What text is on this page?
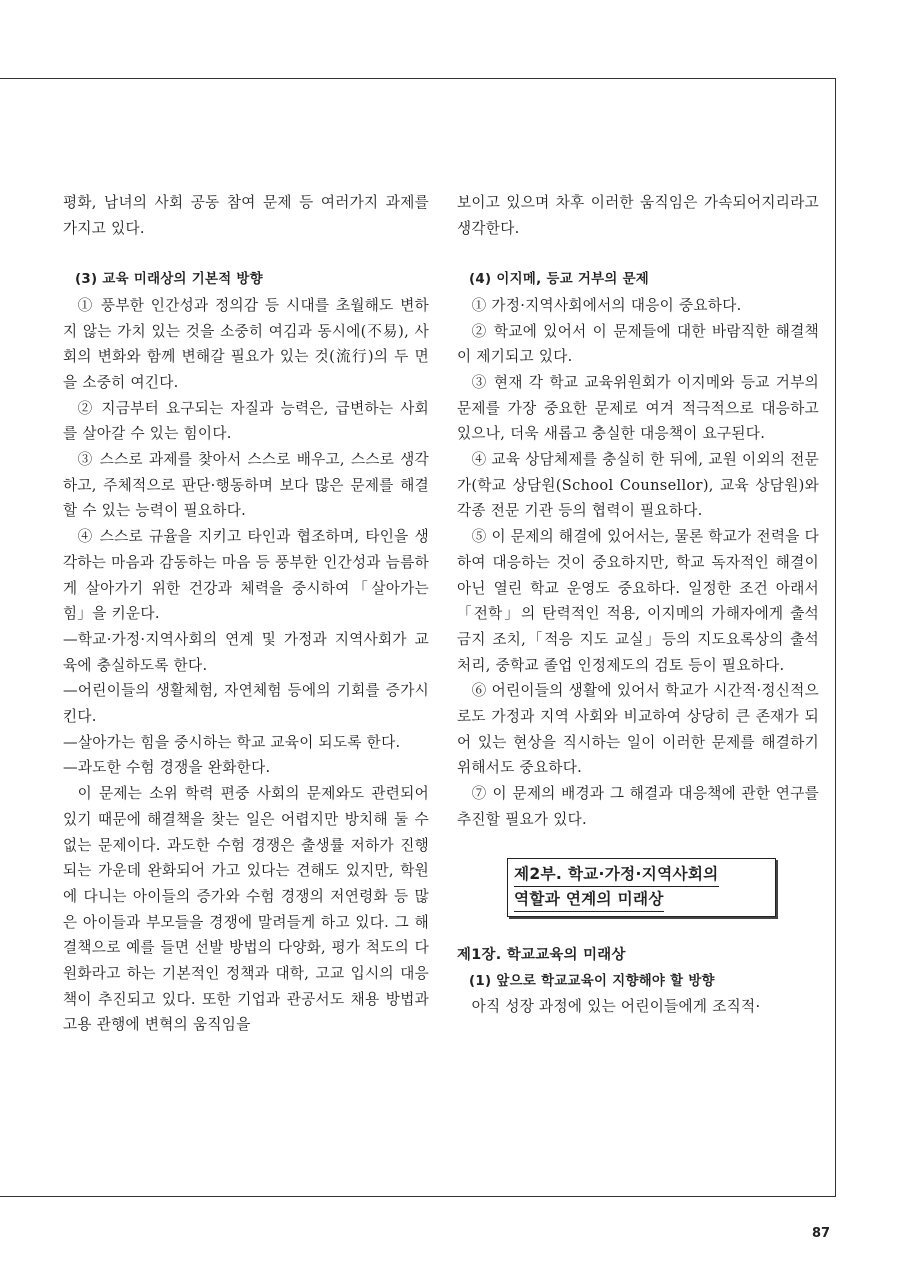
평화, 남녀의 사회 공동 참여 문제 등 여러가지 과제를 가지고 있다.

(3) 교육 미래상의 기본적 방향

① 풍부한 인간성과 정의감 등 시대를 초월해도 변하지 않는 가치 있는 것을 소중히 여김과 동시에(不易), 사회의 변화와 함께 변해갈 필요가 있는 것(流行)의 두 면을 소중히 여긴다.

② 지금부터 요구되는 자질과 능력은, 급변하는 사회를 살아갈 수 있는 힘이다.

③ 스스로 과제를 찾아서 스스로 배우고, 스스로 생각하고, 주체적으로 판단·행동하며 보다 많은 문제를 해결할 수 있는 능력이 필요하다.

④ 스스로 규율을 지키고 타인과 협조하며, 타인을 생각하는 마음과 감동하는 마음 등 풍부한 인간성과 늠름하게 살아가기 위한 건강과 체력을 중시하여「살아가는 힘」을 키운다.

—학교·가정·지역사회의 연계 및 가정과 지역사회가 교육에 충실하도록 한다.

—어린이들의 생활체험, 자연체험 등에의 기회를 증가시킨다.

—살아가는 힘을 중시하는 학교 교육이 되도록 한다.

—과도한 수험 경쟁을 완화한다.

이 문제는 소위 학력 편중 사회의 문제와도 관련되어 있기 때문에 해결책을 찾는 일은 어렵지만 방치해 둘 수 없는 문제이다. 과도한 수험 경쟁은 출생률 저하가 진행되는 가운데 완화되어 가고 있다는 견해도 있지만, 학원에 다니는 아이들의 증가와 수험 경쟁의 저연령화 등 많은 아이들과 부모들을 경쟁에 말려들게 하고 있다. 그 해결책으로 예를 들면 선발 방법의 다양화, 평가 척도의 다원화라고 하는 기본적인 정책과 대학, 고교 입시의 대응책이 추진되고 있다. 또한 기업과 관공서도 채용 방법과 고용 관행에 변혁의 움직임을

보이고 있으며 차후 이러한 움직임은 가속되어지리라고 생각한다.

(4) 이지메, 등교 거부의 문제

① 가정·지역사회에서의 대응이 중요하다.

② 학교에 있어서 이 문제들에 대한 바람직한 해결책이 제기되고 있다.

③ 현재 각 학교 교육위원회가 이지메와 등교 거부의 문제를 가장 중요한 문제로 여겨 적극적으로 대응하고 있으나, 더욱 새롭고 충실한 대응책이 요구된다.

④ 교육 상담체제를 충실히 한 뒤에, 교원 이외의 전문가(학교 상담원(School Counsellor), 교육 상담원)와 각종 전문 기관 등의 협력이 필요하다.

⑤ 이 문제의 해결에 있어서는, 물론 학교가 전력을 다하여 대응하는 것이 중요하지만, 학교 독자적인 해결이 아닌 열린 학교 운영도 중요하다. 일정한 조건 아래서「전학」의 탄력적인 적용, 이지메의 가해자에게 출석 금지 조치,「적응 지도 교실」등의 지도요록상의 출석 처리, 중학교 졸업 인정제도의 검토 등이 필요하다.

⑥ 어린이들의 생활에 있어서 학교가 시간적·정신적으로도 가정과 지역 사회와 비교하여 상당히 큰 존재가 되어 있는 현상을 직시하는 일이 이러한 문제를 해결하기 위해서도 중요하다.

⑦ 이 문제의 배경과 그 해결과 대응책에 관한 연구를 추진할 필요가 있다.

제2부. 학교·가정·지역사회의

역할과 연계의 미래상

제1장. 학교교육의 미래상

(1) 앞으로 학교교육이 지향해야 할 방향

아직 성장 과정에 있는 어린이들에게 조직적·

87
